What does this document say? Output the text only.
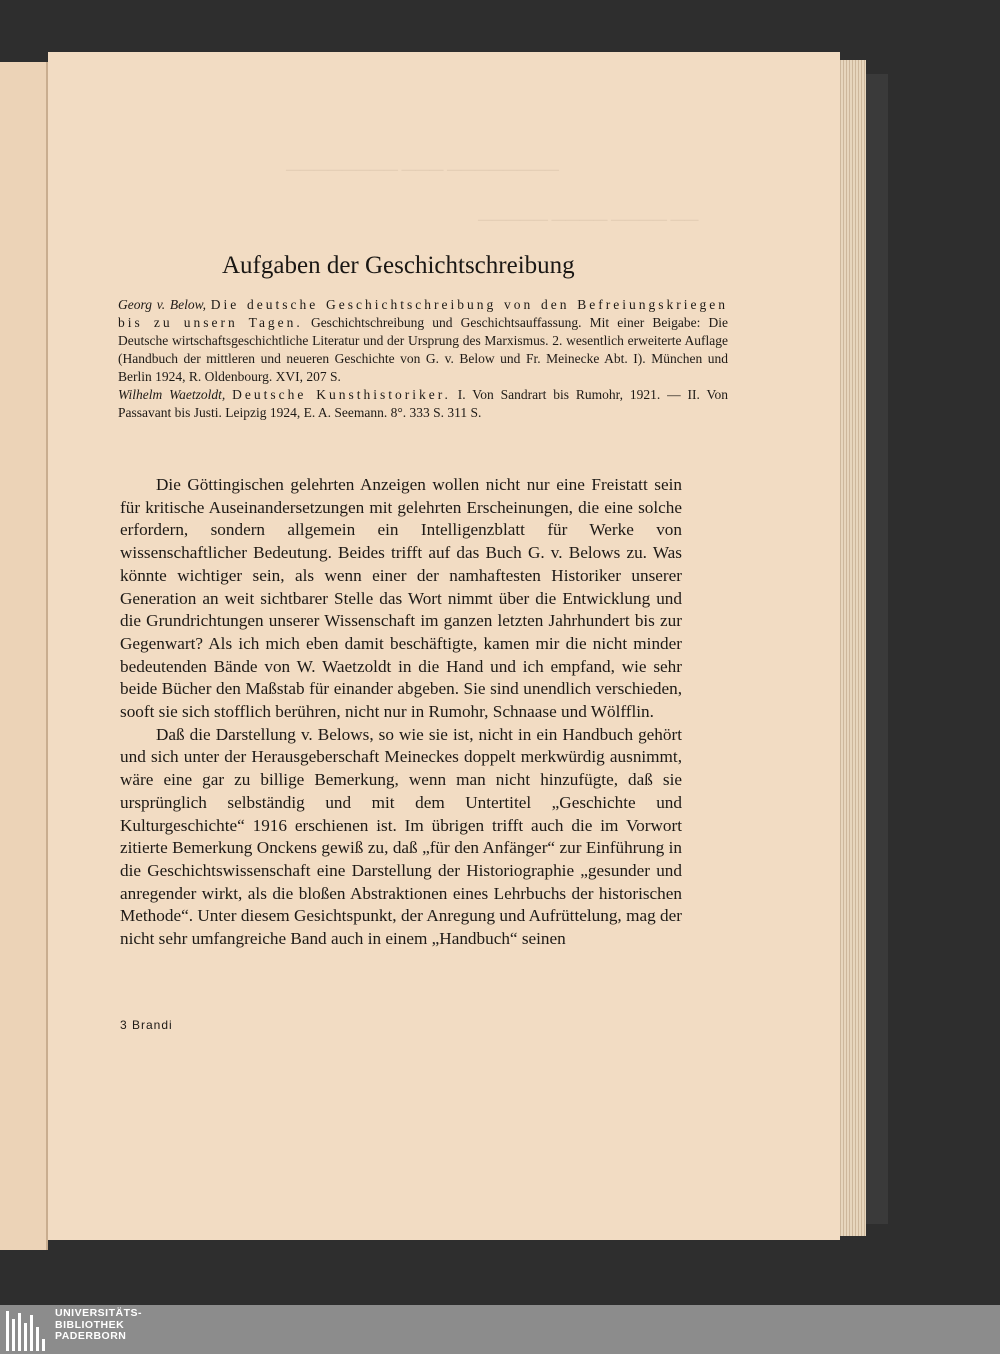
———————— ——— ————————
————— ———— ———— ——
Aufgaben der Geschichtschreibung

Georg v. Below, Die deutsche Geschichtschreibung von den Befreiungskriegen bis zu unsern Tagen. Geschichtschreibung und Geschichtsauffassung. Mit einer Beigabe: Die Deutsche wirtschaftsgeschichtliche Literatur und der Ursprung des Marxismus. 2. wesentlich erweiterte Auflage (Handbuch der mittleren und neueren Geschichte von G. v. Below und Fr. Meinecke Abt. I). München und Berlin 1924, R. Oldenbourg. XVI, 207 S.

Wilhelm Waetzoldt, Deutsche Kunsthistoriker. I. Von Sandrart bis Rumohr, 1921. — II. Von Passavant bis Justi. Leipzig 1924, E. A. Seemann. 8°. 333 S. 311 S.

Die Göttingischen gelehrten Anzeigen wollen nicht nur eine Freistatt sein für kritische Auseinandersetzungen mit gelehrten Erscheinungen, die eine solche erfordern, sondern allgemein ein Intelligenzblatt für Werke von wissenschaftlicher Bedeutung. Beides trifft auf das Buch G. v. Belows zu. Was könnte wichtiger sein, als wenn einer der namhaftesten Historiker unserer Generation an weit sichtbarer Stelle das Wort nimmt über die Entwicklung und die Grundrichtungen unserer Wissenschaft im ganzen letzten Jahrhundert bis zur Gegenwart? Als ich mich eben damit beschäftigte, kamen mir die nicht minder bedeutenden Bände von W. Waetzoldt in die Hand und ich empfand, wie sehr beide Bücher den Maßstab für einander abgeben. Sie sind unendlich verschieden, sooft sie sich stofflich berühren, nicht nur in Rumohr, Schnaase und Wölfflin.

Daß die Darstellung v. Belows, so wie sie ist, nicht in ein Handbuch gehört und sich unter der Herausgeberschaft Meineckes doppelt merkwürdig ausnimmt, wäre eine gar zu billige Bemerkung, wenn man nicht hinzufügte, daß sie ursprünglich selbständig und mit dem Untertitel „Geschichte und Kulturgeschichte“ 1916 erschienen ist. Im übrigen trifft auch die im Vorwort zitierte Bemerkung Onckens gewiß zu, daß „für den Anfänger“ zur Einführung in die Geschichtswissenschaft eine Darstellung der Historiographie „gesunder und anregender wirkt, als die bloßen Abstraktionen eines Lehrbuchs der historischen Methode“. Unter diesem Gesichtspunkt, der Anregung und Aufrüttelung, mag der nicht sehr umfangreiche Band auch in einem „Handbuch“ seinen

3 Brandi
UNIVERSITÄTS-
BIBLIOTHEK
PADERBORN
